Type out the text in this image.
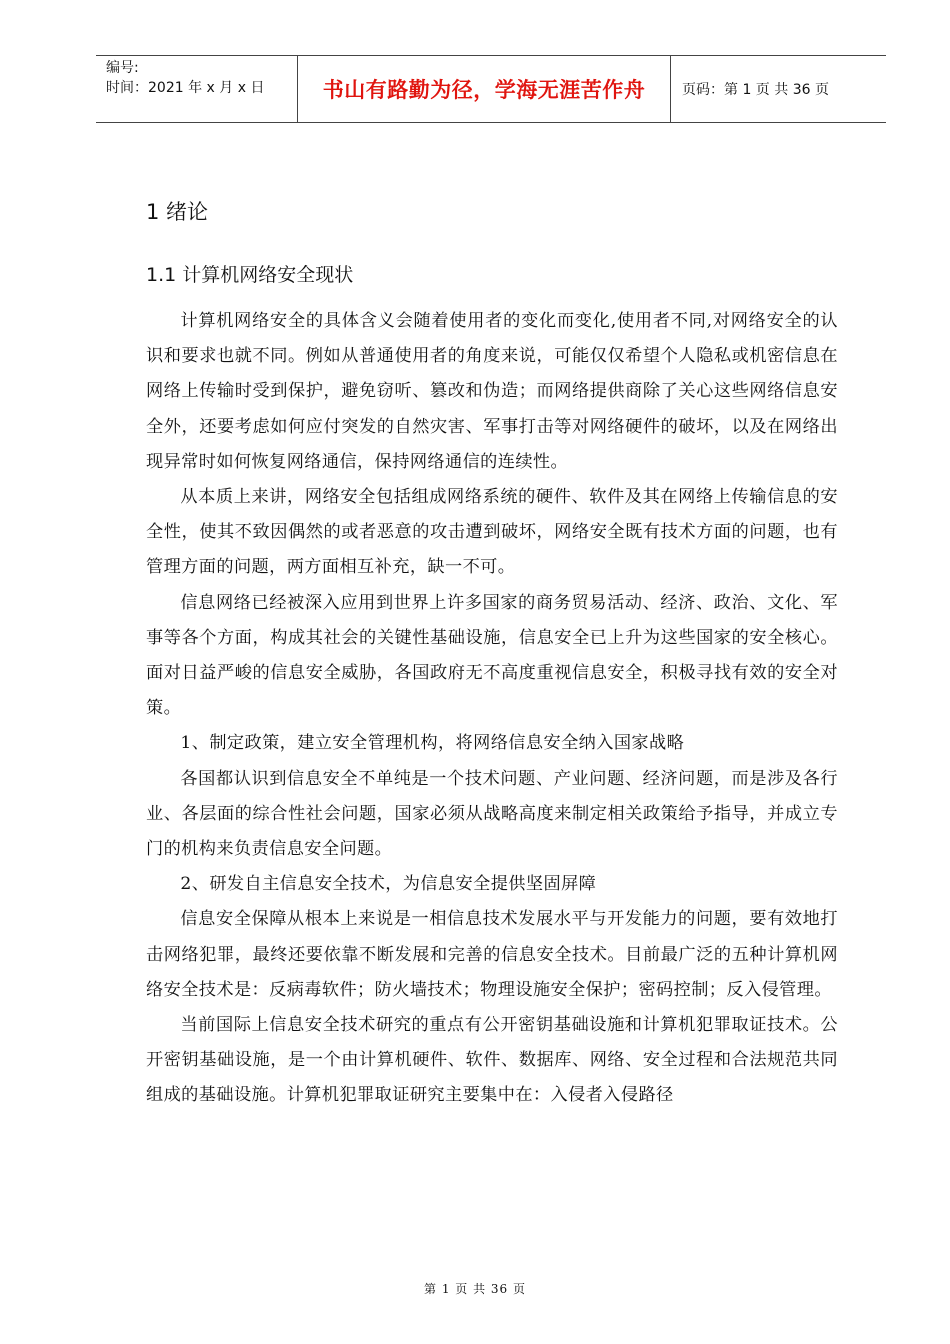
编号:
时间：2021 年 x 月 x 日	书山有路勤为径，学海无涯苦作舟	页码：第 1 页 共 36 页
1 绪论
1.1 计算机网络安全现状

计算机网络安全的具体含义会随着使用者的变化而变化,使用者不同,对网络安全的认识和要求也就不同。例如从普通使用者的角度来说，可能仅仅希望个人隐私或机密信息在网络上传输时受到保护，避免窃听、篡改和伪造；而网络提供商除了关心这些网络信息安全外，还要考虑如何应付突发的自然灾害、军事打击等对网络硬件的破坏，以及在网络出现异常时如何恢复网络通信，保持网络通信的连续性。

从本质上来讲，网络安全包括组成网络系统的硬件、软件及其在网络上传输信息的安全性，使其不致因偶然的或者恶意的攻击遭到破坏，网络安全既有技术方面的问题，也有管理方面的问题，两方面相互补充，缺一不可。

信息网络已经被深入应用到世界上许多国家的商务贸易活动、经济、政治、文化、军事等各个方面，构成其社会的关键性基础设施，信息安全已上升为这些国家的安全核心。面对日益严峻的信息安全威胁，各国政府无不高度重视信息安全，积极寻找有效的安全对策。

1、制定政策，建立安全管理机构，将网络信息安全纳入国家战略

各国都认识到信息安全不单纯是一个技术问题、产业问题、经济问题，而是涉及各行业、各层面的综合性社会问题，国家必须从战略高度来制定相关政策给予指导，并成立专门的机构来负责信息安全问题。

2、研发自主信息安全技术，为信息安全提供坚固屏障

信息安全保障从根本上来说是一相信息技术发展水平与开发能力的问题，要有效地打击网络犯罪，最终还要依靠不断发展和完善的信息安全技术。目前最广泛的五种计算机网络安全技术是：反病毒软件；防火墙技术；物理设施安全保护；密码控制；反入侵管理。

当前国际上信息安全技术研究的重点有公开密钥基础设施和计算机犯罪取证技术。公开密钥基础设施，是一个由计算机硬件、软件、数据库、网络、安全过程和合法规范共同组成的基础设施。计算机犯罪取证研究主要集中在：入侵者入侵路径

第 1 页 共 36 页
